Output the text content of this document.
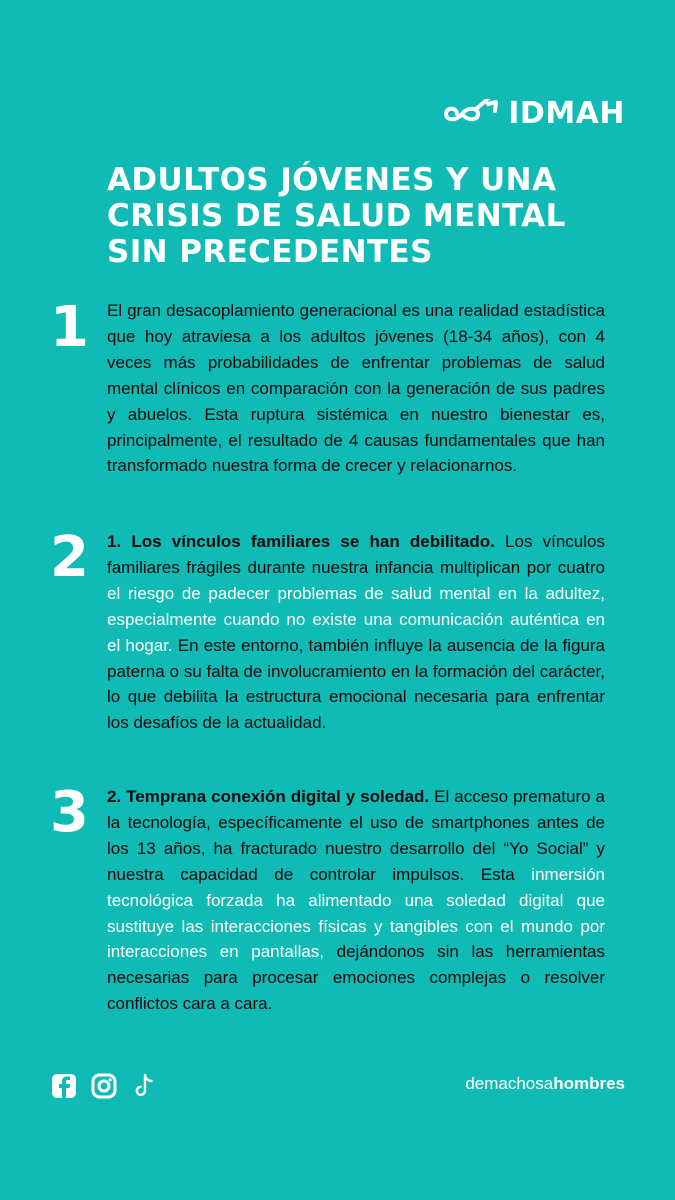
IDMAH
ADULTOS JÓVENES Y UNA
CRISIS DE SALUD MENTAL
SIN PRECEDENTES
1 El gran desacoplamiento generacional es una realidad estadística que hoy atraviesa a los adultos jóvenes (18-34 años), con 4 veces más probabilidades de enfrentar problemas de salud mental clínicos en comparación con la generación de sus padres y abuelos. Esta ruptura sistémica en nuestro bienestar es, principalmente, el resultado de 4 causas fundamentales que han transformado nuestra forma de crecer y relacionarnos.

2 1. Los vínculos familiares se han debilitado. Los vínculos familiares frágiles durante nuestra infancia multiplican por cuatro el riesgo de padecer problemas de salud mental en la adultez, especialmente cuando no existe una comunicación auténtica en el hogar. En este entorno, también influye la ausencia de la figura paterna o su falta de involucramiento en la formación del carácter, lo que debilita la estructura emocional necesaria para enfrentar los desafíos de la actualidad.

3 2. Temprana conexión digital y soledad. El acceso prematuro a la tecnología, específicamente el uso de smartphones antes de los 13 años, ha fracturado nuestro desarrollo del “Yo Social” y nuestra capacidad de controlar impulsos. Esta inmersión tecnológica forzada ha alimentado una soledad digital que sustituye las interacciones físicas y tangibles con el mundo por interacciones en pantallas, dejándonos sin las herramientas necesarias para procesar emociones complejas o resolver conflictos cara a cara.

demachosahombres
